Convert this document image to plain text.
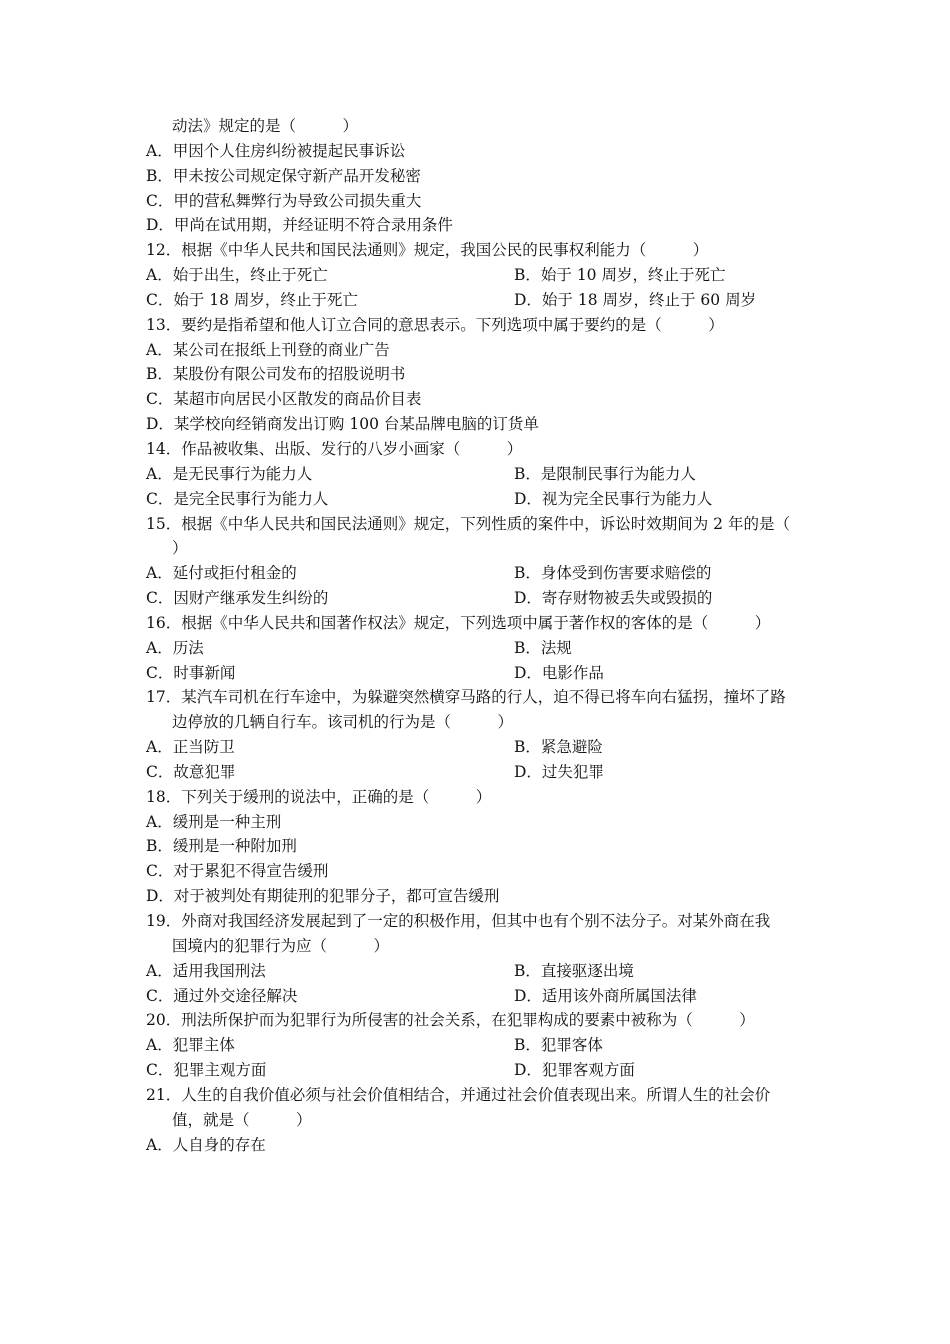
动法》规定的是（　　　）
A．甲因个人住房纠纷被提起民事诉讼
B．甲未按公司规定保守新产品开发秘密
C．甲的营私舞弊行为导致公司损失重大
D．甲尚在试用期，并经证明不符合录用条件
12．根据《中华人民共和国民法通则》规定，我国公民的民事权利能力（　　　）
A．始于出生，终止于死亡	B．始于 10 周岁，终止于死亡
C．始于 18 周岁，终止于死亡	D．始于 18 周岁，终止于 60 周岁
13．要约是指希望和他人订立合同的意思表示。下列选项中属于要约的是（　　　）
A．某公司在报纸上刊登的商业广告
B．某股份有限公司发布的招股说明书
C．某超市向居民小区散发的商品价目表
D．某学校向经销商发出订购 100 台某品牌电脑的订货单
14．作品被收集、出版、发行的八岁小画家（　　　）
A．是无民事行为能力人	B．是限制民事行为能力人
C．是完全民事行为能力人	D．视为完全民事行为能力人
15．根据《中华人民共和国民法通则》规定，下列性质的案件中，诉讼时效期间为 2 年的是（
）
A．延付或拒付租金的	B．身体受到伤害要求赔偿的
C．因财产继承发生纠纷的	D．寄存财物被丢失或毁损的
16．根据《中华人民共和国著作权法》规定，下列选项中属于著作权的客体的是（　　　）
A．历法	B．法规
C．时事新闻	D．电影作品
17．某汽车司机在行车途中，为躲避突然横穿马路的行人，迫不得已将车向右猛拐，撞坏了路
边停放的几辆自行车。该司机的行为是（　　　）
A．正当防卫	B．紧急避险
C．故意犯罪	D．过失犯罪
18．下列关于缓刑的说法中，正确的是（　　　）
A．缓刑是一种主刑
B．缓刑是一种附加刑
C．对于累犯不得宣告缓刑
D．对于被判处有期徒刑的犯罪分子，都可宣告缓刑
19．外商对我国经济发展起到了一定的积极作用，但其中也有个别不法分子。对某外商在我
国境内的犯罪行为应（　　　）
A．适用我国刑法	B．直接驱逐出境
C．通过外交途径解决	D．适用该外商所属国法律
20．刑法所保护而为犯罪行为所侵害的社会关系，在犯罪构成的要素中被称为（　　　）
A．犯罪主体	B．犯罪客体
C．犯罪主观方面	D．犯罪客观方面
21．人生的自我价值必须与社会价值相结合，并通过社会价值表现出来。所谓人生的社会价
值，就是（　　　）
A．人自身的存在
